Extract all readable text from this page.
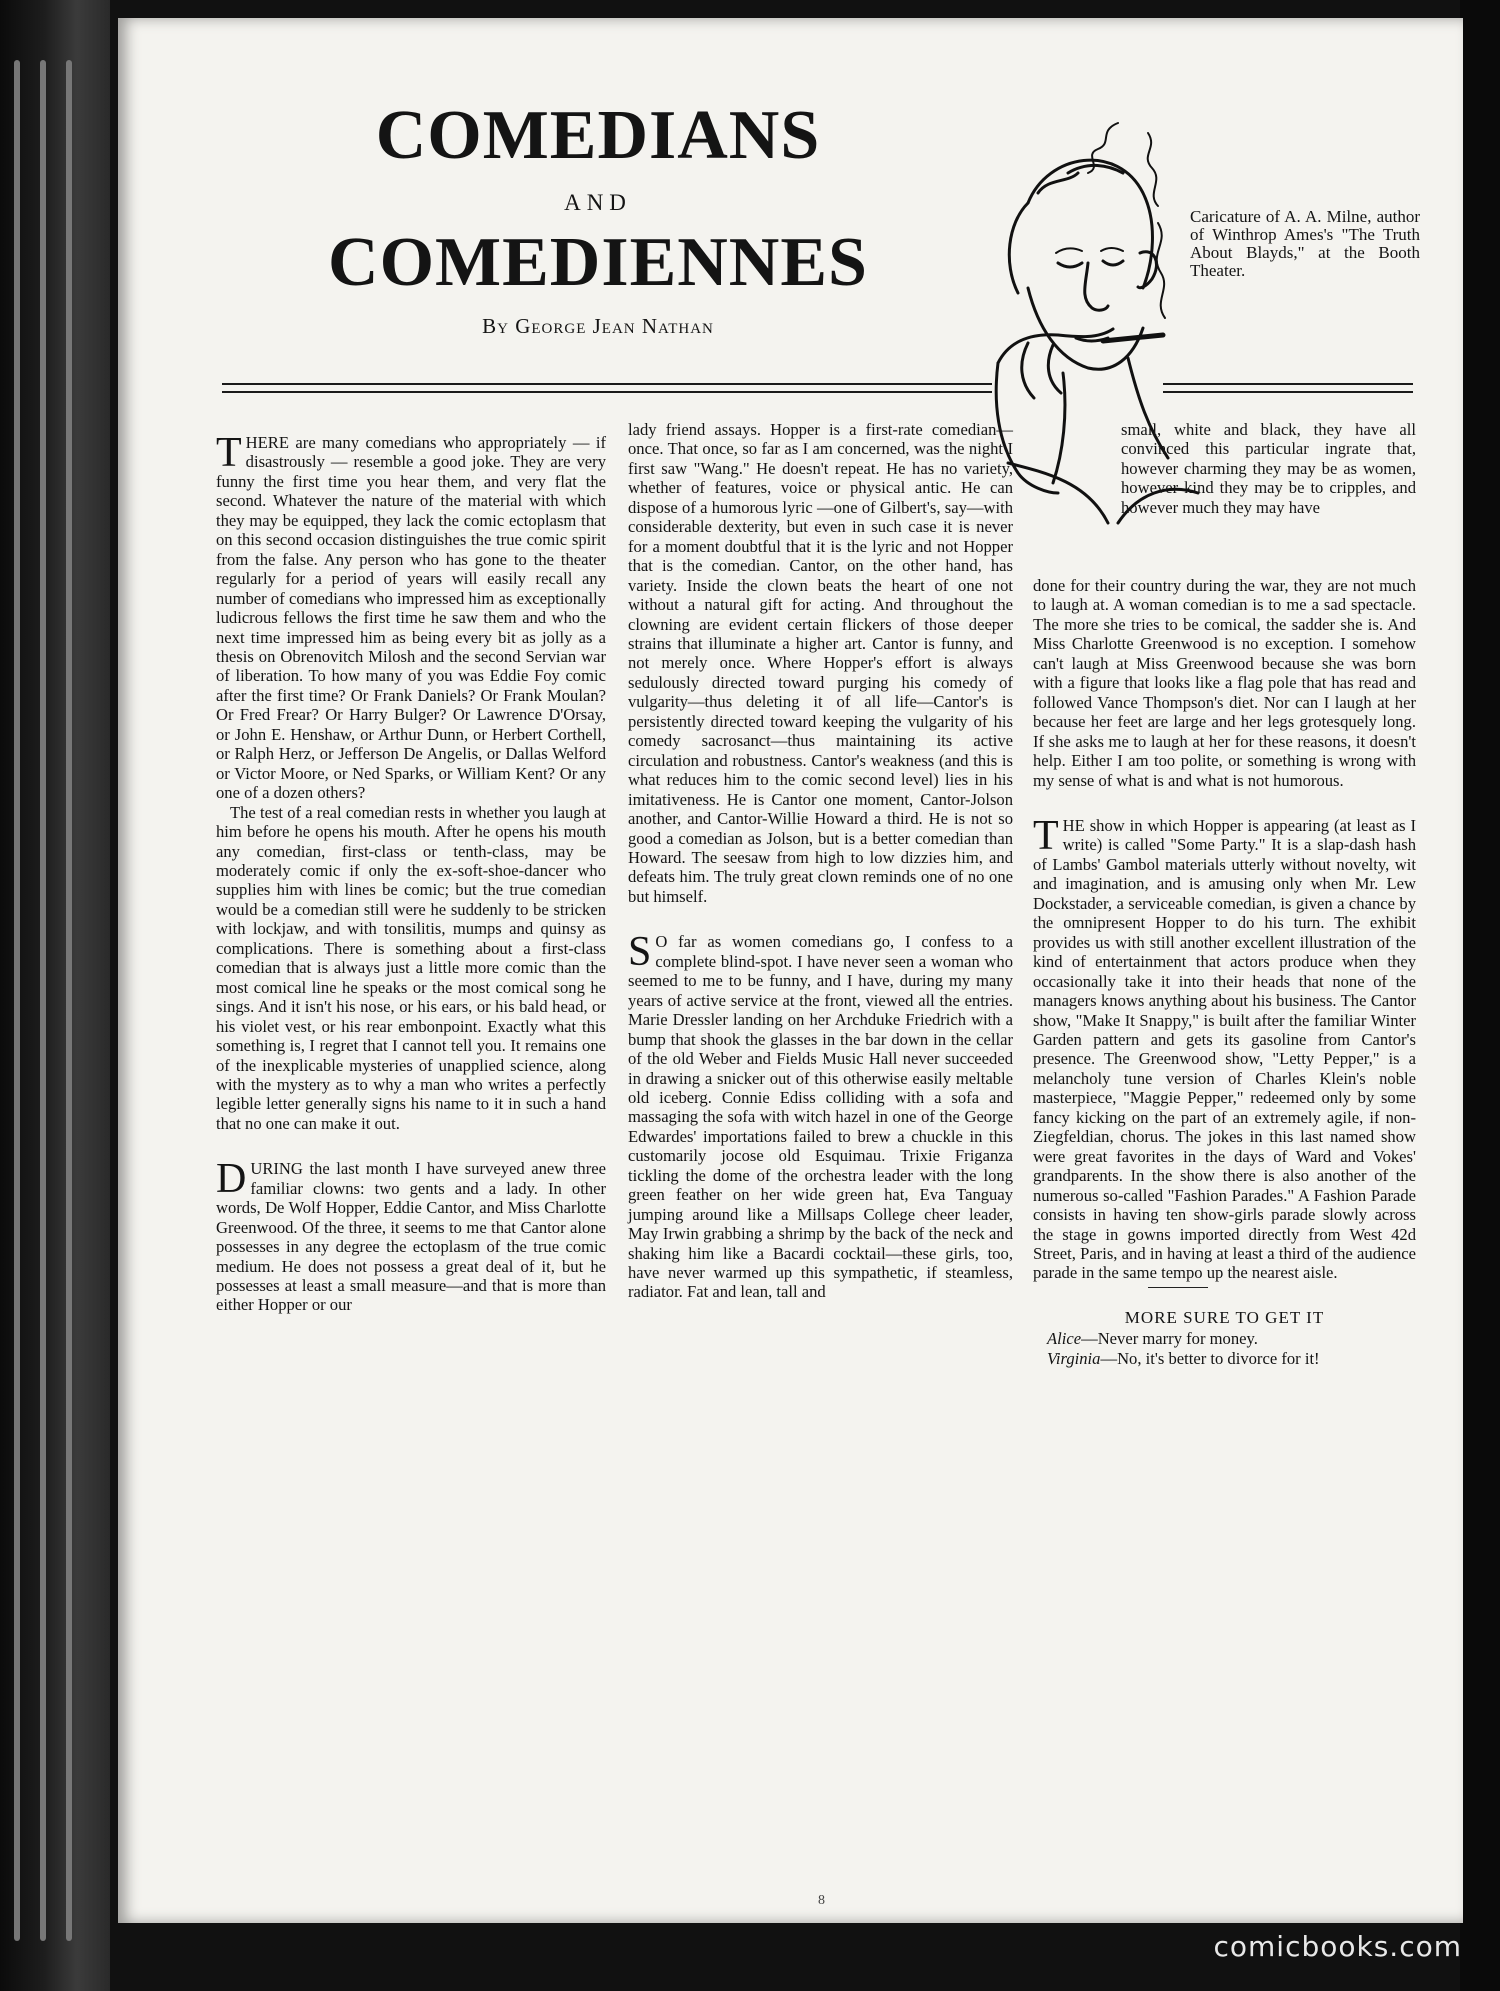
COMEDIANS
AND
COMEDIENNES
By George Jean Nathan
Caricature of A. A. Milne, author of Winthrop Ames's "The Truth About Blayds," at the Booth Theater.

THERE are many comedians who appropriately — if disastrously — resemble a good joke. They are very funny the first time you hear them, and very flat the second. Whatever the nature of the material with which they may be equipped, they lack the comic ectoplasm that on this second occasion distinguishes the true comic spirit from the false. Any person who has gone to the theater regularly for a period of years will easily recall any number of comedians who impressed him as exceptionally ludicrous fellows the first time he saw them and who the next time impressed him as being every bit as jolly as a thesis on Obrenovitch Milosh and the second Servian war of liberation. To how many of you was Eddie Foy comic after the first time? Or Frank Daniels? Or Frank Moulan? Or Fred Frear? Or Harry Bulger? Or Lawrence D'Orsay, or John E. Henshaw, or Arthur Dunn, or Herbert Corthell, or Ralph Herz, or Jefferson De Angelis, or Dallas Welford or Victor Moore, or Ned Sparks, or William Kent? Or any one of a dozen others?

The test of a real comedian rests in whether you laugh at him before he opens his mouth. After he opens his mouth any comedian, first-class or tenth-class, may be moderately comic if only the ex-soft-shoe-dancer who supplies him with lines be comic; but the true comedian would be a comedian still were he suddenly to be stricken with lockjaw, and with tonsilitis, mumps and quinsy as complications. There is something about a first-class comedian that is always just a little more comic than the most comical line he speaks or the most comical song he sings. And it isn't his nose, or his ears, or his bald head, or his violet vest, or his rear embonpoint. Exactly what this something is, I regret that I cannot tell you. It remains one of the inexplicable mysteries of unapplied science, along with the mystery as to why a man who writes a perfectly legible letter generally signs his name to it in such a hand that no one can make it out.

DURING the last month I have surveyed anew three familiar clowns: two gents and a lady. In other words, De Wolf Hopper, Eddie Cantor, and Miss Charlotte Greenwood. Of the three, it seems to me that Cantor alone possesses in any degree the ectoplasm of the true comic medium. He does not possess a great deal of it, but he possesses at least a small measure—and that is more than either Hopper or our

lady friend assays. Hopper is a first-rate comedian—once. That once, so far as I am concerned, was the night I first saw "Wang." He doesn't repeat. He has no variety, whether of features, voice or physical antic. He can dispose of a humorous lyric —one of Gilbert's, say—with considerable dexterity, but even in such case it is never for a moment doubtful that it is the lyric and not Hopper that is the comedian. Cantor, on the other hand, has variety. Inside the clown beats the heart of one not without a natural gift for acting. And throughout the clowning are evident certain flickers of those deeper strains that illuminate a higher art. Cantor is funny, and not merely once. Where Hopper's effort is always sedulously directed toward purging his comedy of vulgarity—thus deleting it of all life—Cantor's is persistently directed toward keeping the vulgarity of his comedy sacrosanct—thus maintaining its active circulation and robustness. Cantor's weakness (and this is what reduces him to the comic second level) lies in his imitativeness. He is Cantor one moment, Cantor-Jolson another, and Cantor-Willie Howard a third. He is not so good a comedian as Jolson, but is a better comedian than Howard. The seesaw from high to low dizzies him, and defeats him. The truly great clown reminds one of no one but himself.

S O far as women comedians go, I confess to a complete blind-spot. I have never seen a woman who seemed to me to be funny, and I have, during my many years of active service at the front, viewed all the entries. Marie Dressler landing on her Archduke Friedrich with a bump that shook the glasses in the bar down in the cellar of the old Weber and Fields Music Hall never succeeded in drawing a snicker out of this otherwise easily meltable old iceberg. Connie Ediss colliding with a sofa and massaging the sofa with witch hazel in one of the George Edwardes' importations failed to brew a chuckle in this customarily jocose old Esquimau. Trixie Friganza tickling the dome of the orchestra leader with the long green feather on her wide green hat, Eva Tanguay jumping around like a Millsaps College cheer leader, May Irwin grabbing a shrimp by the back of the neck and shaking him like a Bacardi cocktail—these girls, too, have never warmed up this sympathetic, if steamless, radiator. Fat and lean, tall and

small, white and black, they have all convinced this particular ingrate that, however charming they may be as women, however kind they may be to cripples, and however much they may have

done for their country during the war, they are not much to laugh at. A woman comedian is to me a sad spectacle. The more she tries to be comical, the sadder she is. And Miss Charlotte Greenwood is no exception. I somehow can't laugh at Miss Greenwood because she was born with a figure that looks like a flag pole that has read and followed Vance Thompson's diet. Nor can I laugh at her because her feet are large and her legs grotesquely long. If she asks me to laugh at her for these reasons, it doesn't help. Either I am too polite, or something is wrong with my sense of what is and what is not humorous.

THE show in which Hopper is appearing (at least as I write) is called "Some Party." It is a slap-dash hash of Lambs' Gambol materials utterly without novelty, wit and imagination, and is amusing only when Mr. Lew Dockstader, a serviceable comedian, is given a chance by the omnipresent Hopper to do his turn. The exhibit provides us with still another excellent illustration of the kind of entertainment that actors produce when they occasionally take it into their heads that none of the managers knows anything about his business. The Cantor show, "Make It Snappy," is built after the familiar Winter Garden pattern and gets its gasoline from Cantor's presence. The Greenwood show, "Letty Pepper," is a melancholy tune version of Charles Klein's noble masterpiece, "Maggie Pepper," redeemed only by some fancy kicking on the part of an extremely agile, if non-Ziegfeldian, chorus. The jokes in this last named show were great favorites in the days of Ward and Vokes' grandparents. In the show there is also another of the numerous so-called "Fashion Parades." A Fashion Parade consists in having ten show-girls parade slowly across the stage in gowns imported directly from West 42d Street, Paris, and in having at least a third of the audience parade in the same tempo up the nearest aisle.

MORE SURE TO GET IT

Alice—Never marry for money.

Virginia—No, it's better to divorce for it!

8
comicbooks.com
